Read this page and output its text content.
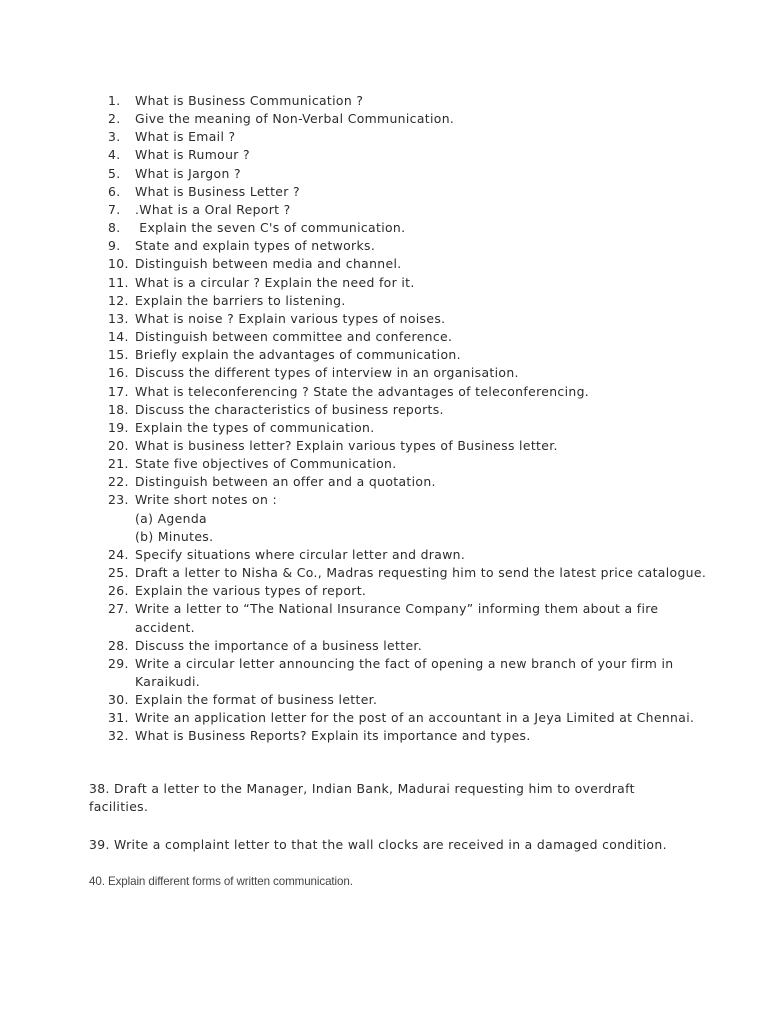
1.	What is Business Communication ?
2.	Give the meaning of Non-Verbal Communication.
3.	What is Email ?
4.	What is Rumour ?
5.	What is Jargon ?
6.	What is Business Letter ?
7.	.What is a Oral Report ?
8.	Explain the seven C's of communication.
9.	State and explain types of networks.
10. Distinguish between media and channel.
11. What is a circular ? Explain the need for it.
12. Explain the barriers to listening.
13. What is noise ? Explain various types of noises.
14. Distinguish between committee and conference.
15. Briefly explain the advantages of communication.
16. Discuss the different types of interview in an organisation.
17. What is teleconferencing ? State the advantages of teleconferencing.
18. Discuss the characteristics of business reports.
19. Explain the types of communication.
20. What is business letter? Explain various types of Business letter.
21. State five objectives of Communication.
22. Distinguish between an offer and a quotation.
23. Write short notes on :
(a) Agenda
(b) Minutes.
24. Specify situations where circular letter and drawn.
25. Draft a letter to Nisha & Co., Madras requesting him to send the latest price catalogue.
26. Explain the various types of report.
27. Write a letter to “The National Insurance Company” informing them about a fire accident.
28. Discuss the importance of a business letter.
29. Write a circular letter announcing the fact of opening a new branch of your firm in Karaikudi.
30. Explain the format of business letter.
31. Write an application letter for the post of an accountant in a Jeya Limited at Chennai.
32. What is Business Reports? Explain its importance and types.

38. Draft a letter to the Manager, Indian Bank, Madurai requesting him to overdraft facilities.

39. Write a complaint letter to that the wall clocks are received in a damaged condition.

40. Explain different forms of written communication.
